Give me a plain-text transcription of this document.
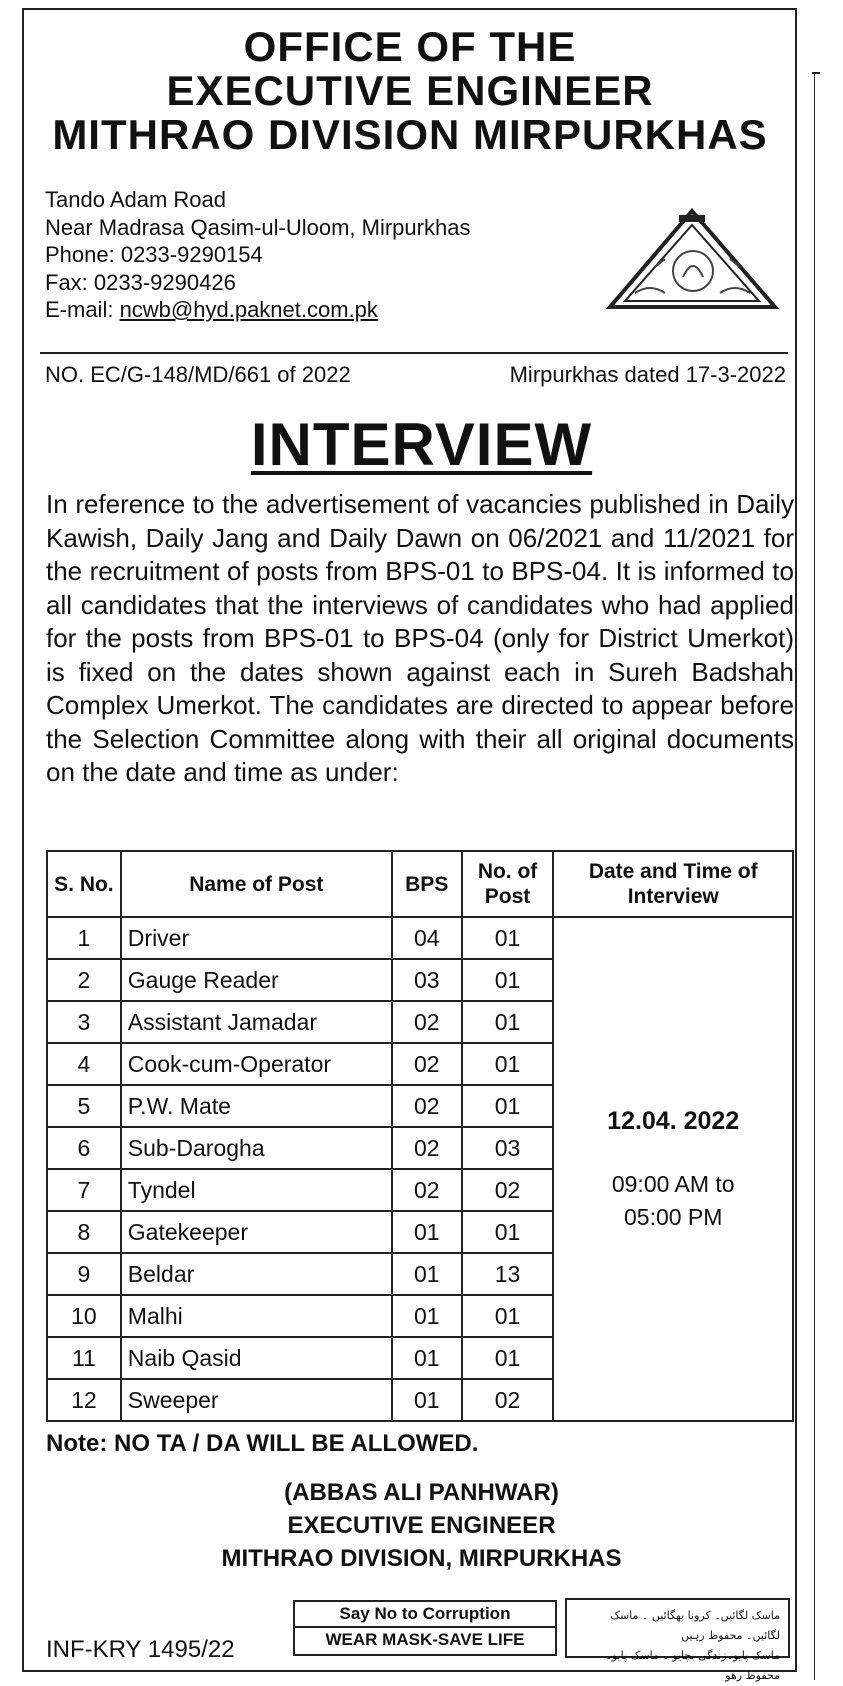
OFFICE OF THE
EXECUTIVE ENGINEER
MITHRAO DIVISION MIRPURKHAS
Tando Adam Road
Near Madrasa Qasim-ul-Uloom, Mirpurkhas
Phone: 0233-9290154
Fax: 0233-9290426
E-mail: ncwb@hyd.paknet.com.pk
NO. EC/G-148/MD/661 of 2022	Mirpurkhas dated 17-3-2022
INTERVIEW
In reference to the advertisement of vacancies published in Daily Kawish, Daily Jang and Daily Dawn on 06/2021 and 11/2021 for the recruitment of posts from BPS-01 to BPS-04. It is informed to all candidates that the interviews of candidates who had applied for the posts from BPS-01 to BPS-04 (only for District Umerkot) is fixed on the dates shown against each in Sureh Badshah Complex Umerkot. The candidates are directed to appear before the Selection Committee along with their all original documents on the date and time as under:
S. No.	Name of Post	BPS	No. of Post	Date and Time of Interview
1	Driver	04	01	12.04. 2022
09:00 AM to 05:00 PM
2	Gauge Reader	03	01	
3	Assistant Jamadar	02	01	
4	Cook-cum-Operator	02	01	
5	P.W. Mate	02	01	
6	Sub-Darogha	02	03	
7	Tyndel	02	02	
8	Gatekeeper	01	01	
9	Beldar	01	13	
10	Malhi	01	01	
11	Naib Qasid	01	01	
12	Sweeper	01	02	
Note: NO TA / DA WILL BE ALLOWED.
(ABBAS ALI PANHWAR)
EXECUTIVE ENGINEER
MITHRAO DIVISION, MIRPURKHAS
INF-KRY 1495/22
Say No to Corruption
WEAR MASK-SAVE LIFE
ماسک لگائیں۔ کرونا بھگائیں ۔ ماسک لگائیں۔ محفوظ رہیں
ماسک پایو۔زندگی بچایو ۔ ماسک پایو۔ محفوظ رھو
